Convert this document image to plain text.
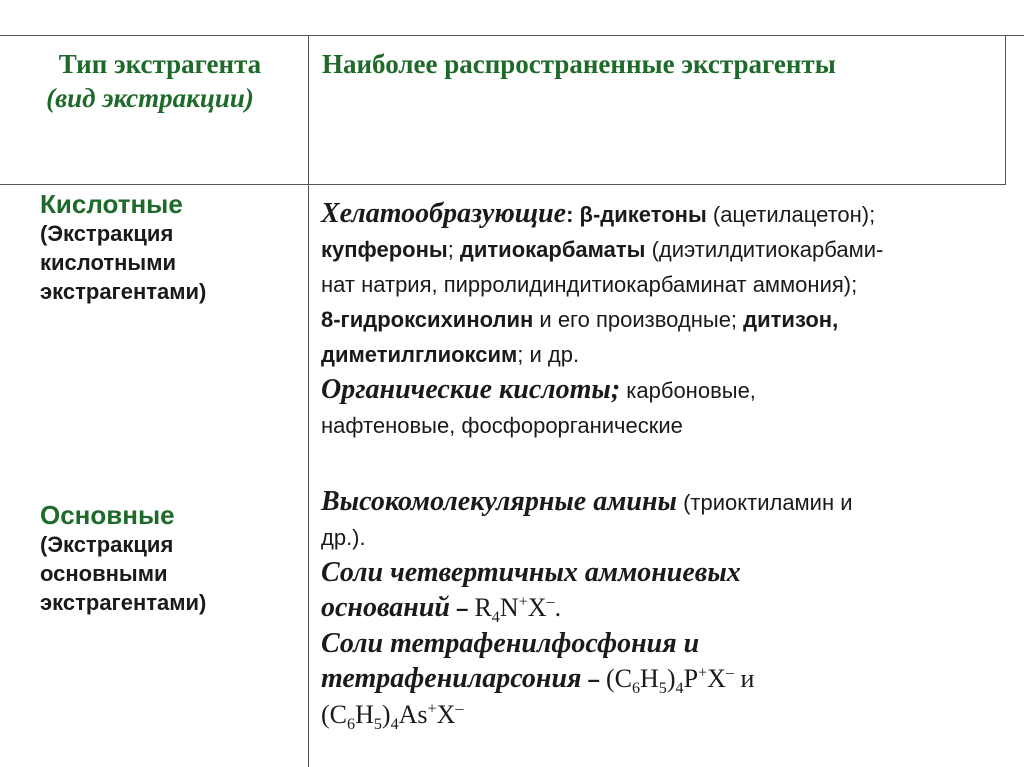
Тип экстрагента
(вид экстракции)
Наиболее распространенные экстрагенты
Кислотные
(Экстракция
кислотными
экстрагентами)
Основные
(Экстракция
основными
экстрагентами)
Хелатообразующие: β-дикетоны (ацетилацетон);
купфероны; дитиокарбаматы (диэтилдитиокарбами-
нат натрия, пирролидиндитиокарбаминат аммония);
8-гидроксихинолин и его производные; дитизон,
диметилглиоксим; и др.
Органические кислоты; карбоновые,
нафтеновые, фосфорорганические
Высокомолекулярные амины (триоктиламин и
др.).
Соли четвертичных аммониевых
оснований – $R_4N^+X^-$.
Соли тетрафенилфосфония и
тетрафениларсония – $(C_6H_5)_4P^+X^-$ и
$(C_6H_5)_4As^+X^-$
